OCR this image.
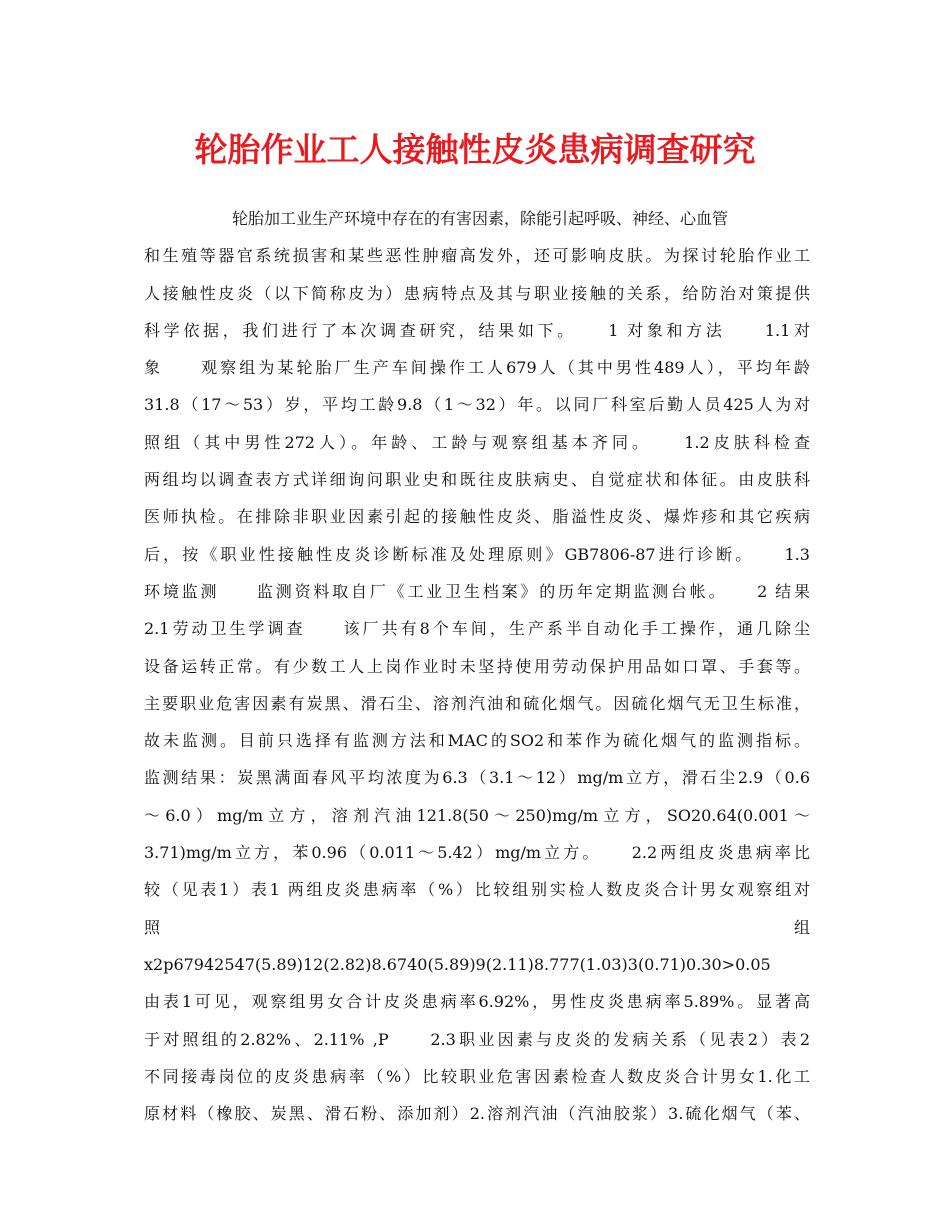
轮胎作业工人接触性皮炎患病调查研究
轮胎加工业生产环境中存在的有害因素，除能引起呼吸、神经、心血管
和生殖等器官系统损害和某些恶性肿瘤高发外，还可影响皮肤。为探讨轮胎作业工
人接触性皮炎（以下简称皮为）患病特点及其与职业接触的关系，给防治对策提供
科学依据，我们进行了本次调查研究，结果如下。　　1 对象和方法　　1.1对
象　　观察组为某轮胎厂生产车间操作工人679人（其中男性489人），平均年龄
31.8（17～53）岁，平均工龄9.8（1～32）年。以同厂科室后勤人员425人为对
照组（其中男性272人）。年龄、工龄与观察组基本齐同。　　1.2皮肤科检查
两组均以调查表方式详细询问职业史和既往皮肤病史、自觉症状和体征。由皮肤科
医师执检。在排除非职业因素引起的接触性皮炎、脂溢性皮炎、爆炸疹和其它疾病
后，按《职业性接触性皮炎诊断标准及处理原则》GB7806-87进行诊断。　　1.3
环境监测　　监测资料取自厂《工业卫生档案》的历年定期监测台帐。　　2 结果
2.1劳动卫生学调查　　该厂共有8个车间，生产系半自动化手工操作，通几除尘
设备运转正常。有少数工人上岗作业时未坚持使用劳动保护用品如口罩、手套等。
主要职业危害因素有炭黑、滑石尘、溶剂汽油和硫化烟气。因硫化烟气无卫生标准，
故未监测。目前只选择有监测方法和MAC的SO2和苯作为硫化烟气的监测指标。
监测结果：炭黑满面春风平均浓度为6.3（3.1～12）mg/m立方，滑石尘2.9（0.6
～6.0）mg/m立方，溶剂汽油121.8(50～250)mg/m立方，SO20.64(0.001～
3.71)mg/m立方，苯0.96（0.011～5.42）mg/m立方。　　2.2两组皮炎患病率比
较（见表1）表1 两组皮炎患病率（%）比较组别实检人数皮炎合计男女观察组对
照　组
x2p67942547(5.89)12(2.82)8.6740(5.89)9(2.11)8.777(1.03)3(0.71)0.30>0.05
由表1可见，观察组男女合计皮炎患病率6.92%，男性皮炎患病率5.89%。显著高
于对照组的2.82%、2.11% ,P　　2.3职业因素与皮炎的发病关系（见表2）表2
不同接毒岗位的皮炎患病率（%）比较职业危害因素检查人数皮炎合计男女1.化工
原材料（橡胶、炭黑、滑石粉、添加剂）2.溶剂汽油（汽油胶浆）3.硫化烟气（苯、
